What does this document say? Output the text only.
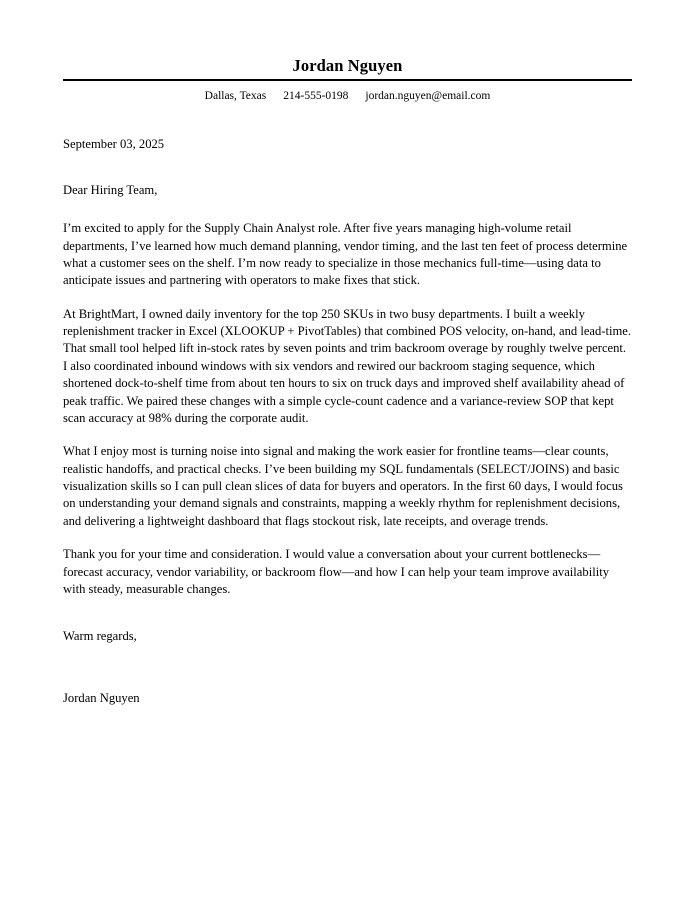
Jordan Nguyen
Dallas, Texas 214-555-0198 jordan.nguyen@email.com
September 03, 2025
Dear Hiring Team,

I’m excited to apply for the Supply Chain Analyst role. After five years managing high-volume retail departments, I’ve learned how much demand planning, vendor timing, and the last ten feet of process determine what a customer sees on the shelf. I’m now ready to specialize in those mechanics full-time—using data to anticipate issues and partnering with operators to make fixes that stick.

At BrightMart, I owned daily inventory for the top 250 SKUs in two busy departments. I built a weekly replenishment tracker in Excel (XLOOKUP + PivotTables) that combined POS velocity, on-hand, and lead-time. That small tool helped lift in-stock rates by seven points and trim backroom overage by roughly twelve percent. I also coordinated inbound windows with six vendors and rewired our backroom staging sequence, which shortened dock-to-shelf time from about ten hours to six on truck days and improved shelf availability ahead of peak traffic. We paired these changes with a simple cycle-count cadence and a variance-review SOP that kept scan accuracy at 98% during the corporate audit.

What I enjoy most is turning noise into signal and making the work easier for frontline teams—clear counts, realistic handoffs, and practical checks. I’ve been building my SQL fundamentals (SELECT/JOINS) and basic visualization skills so I can pull clean slices of data for buyers and operators. In the first 60 days, I would focus on understanding your demand signals and constraints, mapping a weekly rhythm for replenishment decisions, and delivering a lightweight dashboard that flags stockout risk, late receipts, and overage trends.

Thank you for your time and consideration. I would value a conversation about your current bottlenecks—forecast accuracy, vendor variability, or backroom flow—and how I can help your team improve availability with steady, measurable changes.

Warm regards,
Jordan Nguyen
